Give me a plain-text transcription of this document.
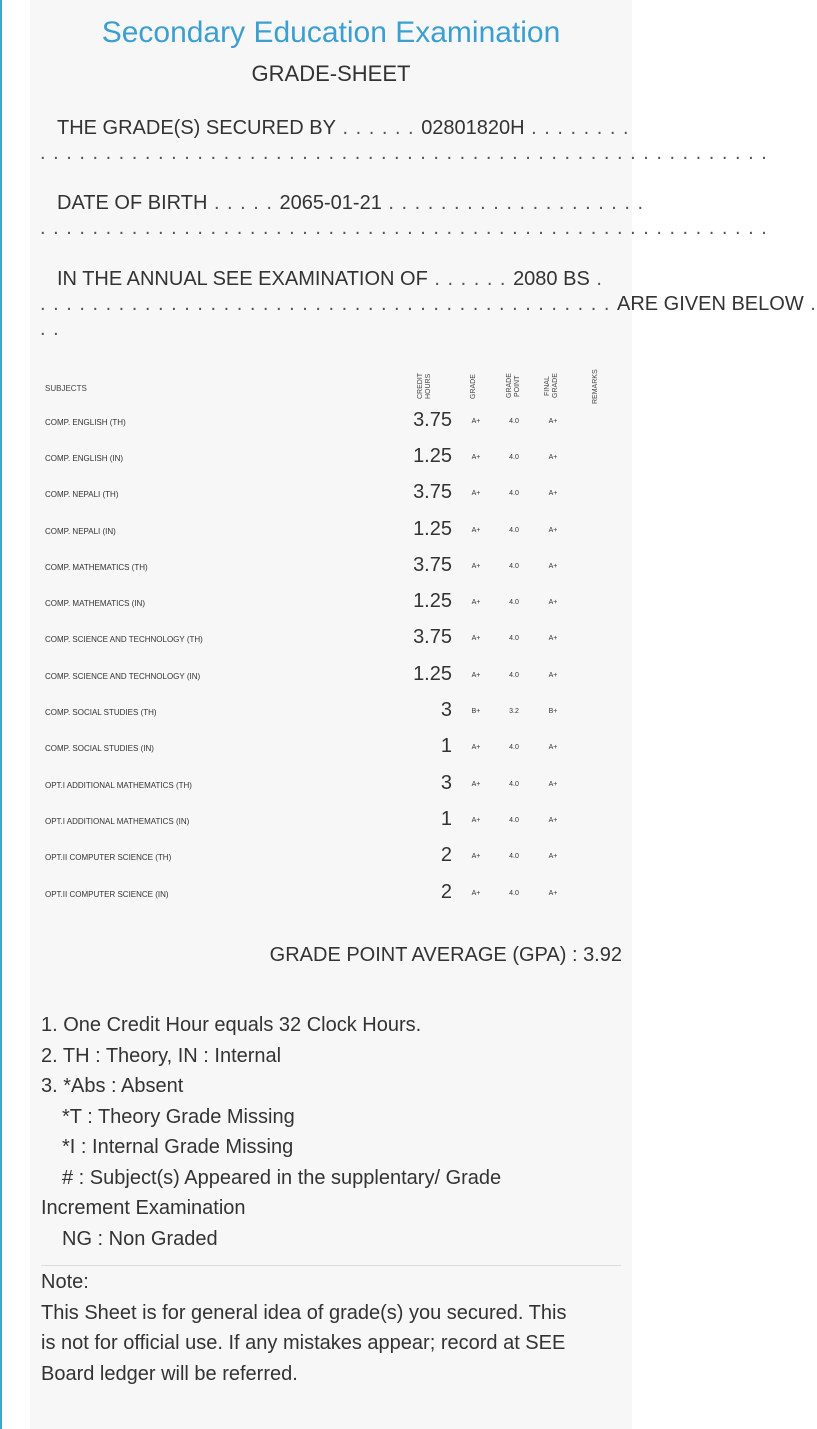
Secondary Education Examination
GRADE-SHEET
THE GRADE(S) SECURED BY . . . . . . 02801820H . . . . . . . .
. . . . . . . . . . . . . . . . . . . . . . . . . . . . . . . . . . . . . . . . . . . . . . . . . . . . . . . .
DATE OF BIRTH . . . . . 2065-01-21 . . . . . . . . . . . . . . . . . . . .
. . . . . . . . . . . . . . . . . . . . . . . . . . . . . . . . . . . . . . . . . . . . . . . . . . . . . . . .
IN THE ANNUAL SEE EXAMINATION OF . . . . . . 2080 BS .
. . . . . . . . . . . . . . . . . . . . . . . . . . . . . . . . . . . . . . . . . . . . ARE GIVEN BELOW .
. .
SUBJECTS	CREDIT HOURS	GRADE	GRADE POINT	FINAL GRADE	REMARKS
COMP. ENGLISH (TH)	3.75	A+	4.0	A+
COMP. ENGLISH (IN)	1.25	A+	4.0	A+
COMP. NEPALI (TH)	3.75	A+	4.0	A+
COMP. NEPALI (IN)	1.25	A+	4.0	A+
COMP. MATHEMATICS (TH)	3.75	A+	4.0	A+
COMP. MATHEMATICS (IN)	1.25	A+	4.0	A+
COMP. SCIENCE AND TECHNOLOGY (TH)	3.75	A+	4.0	A+
COMP. SCIENCE AND TECHNOLOGY (IN)	1.25	A+	4.0	A+
COMP. SOCIAL STUDIES (TH)	3	B+	3.2	B+
COMP. SOCIAL STUDIES (IN)	1	A+	4.0	A+
OPT.I ADDITIONAL MATHEMATICS (TH)	3	A+	4.0	A+
OPT.I ADDITIONAL MATHEMATICS (IN)	1	A+	4.0	A+
OPT.II COMPUTER SCIENCE (TH)	2	A+	4.0	A+
OPT.II COMPUTER SCIENCE (IN)	2	A+	4.0	A+
GRADE POINT AVERAGE (GPA) : 3.92
1. One Credit Hour equals 32 Clock Hours.
2. TH : Theory, IN : Internal
3. *Abs : Absent
*T : Theory Grade Missing
*I : Internal Grade Missing
# : Subject(s) Appeared in the supplentary/ Grade
Increment Examination
NG : Non Graded
Note:
This Sheet is for general idea of grade(s) you secured. This
is not for official use. If any mistakes appear; record at SEE
Board ledger will be referred.
